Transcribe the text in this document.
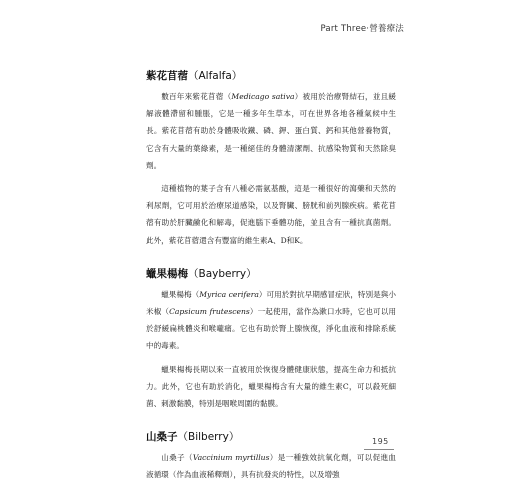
Part Three‧營養療法
紫花苜蓿（Alfalfa）

數百年來紫花苜蓿（Medicago sativa）被用於治療腎結石，並且緩解液體滯留和腫脹，它是一種多年生草本，可在世界各地各種氣候中生長。紫花苜蓿有助於身體吸收鐵、磷、鉀、蛋白質、鈣和其他營養物質，它含有大量的葉綠素，是一種絕佳的身體清潔劑、抗感染物質和天然除臭劑。

這種植物的葉子含有八種必需氨基酸，這是一種很好的瀉藥和天然的利尿劑，它可用於治療尿道感染，以及腎臟、膀胱和前列腺疾病。紫花苜蓿有助於肝臟鹼化和解毒，促進腦下垂體功能，並且含有一種抗真菌劑。此外，紫花苜蓿還含有豐富的維生素A、D和K。

蠟果楊梅（Bayberry）

蠟果楊梅（Myrica cerifera）可用於對抗早期感冒症狀，特別是與小米椒（Capsicum frutescens）一起使用，當作為漱口水時，它也可以用於舒緩扁桃體炎和喉嚨痛。它也有助於腎上腺恢復，淨化血液和排除系統中的毒素。

蠟果楊梅長期以來一直被用於恢復身體健康狀態，提高生命力和抵抗力。此外，它也有助於消化，蠟果楊梅含有大量的維生素C，可以殺死細菌、刺激黏膜，特別是咽喉周圍的黏膜。

山桑子（Bilberry）

山桑子（Vaccinium myrtillus）是一種強效抗氧化劑，可以促進血液循環（作為血液稀釋劑），具有抗發炎的特性，以及增強

195
